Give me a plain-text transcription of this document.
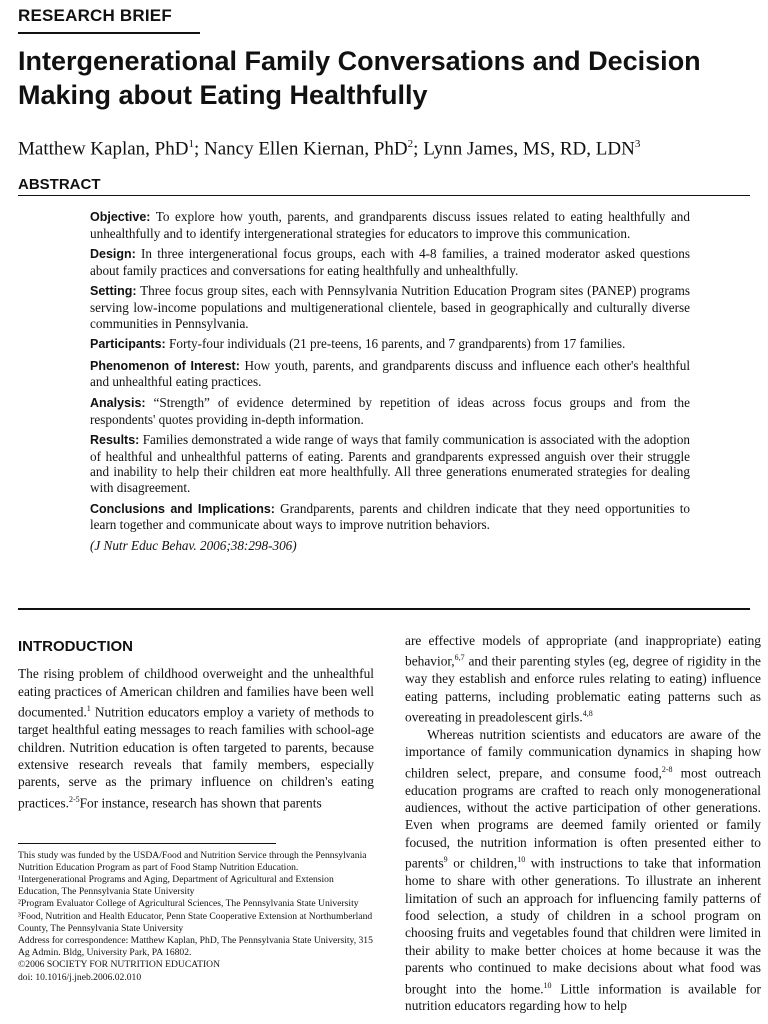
RESEARCH BRIEF
Intergenerational Family Conversations and Decision Making about Eating Healthfully
Matthew Kaplan, PhD$^1$; Nancy Ellen Kiernan, PhD$^2$; Lynn James, MS, RD, LDN$^3$
ABSTRACT

Objective: To explore how youth, parents, and grandparents discuss issues related to eating healthfully and unhealthfully and to identify intergenerational strategies for educators to improve this communication.

Design: In three intergenerational focus groups, each with 4-8 families, a trained moderator asked questions about family practices and conversations for eating healthfully and unhealthfully.

Setting: Three focus group sites, each with Pennsylvania Nutrition Education Program sites (PANEP) programs serving low-income populations and multigenerational clientele, based in geographically and culturally diverse communities in Pennsylvania.

Participants: Forty-four individuals (21 pre-teens, 16 parents, and 7 grandparents) from 17 families.

Phenomenon of Interest: How youth, parents, and grandparents discuss and influence each other's healthful and unhealthful eating practices.

Analysis: “Strength” of evidence determined by repetition of ideas across focus groups and from the respondents' quotes providing in-depth information.

Results: Families demonstrated a wide range of ways that family communication is associated with the adoption of healthful and unhealthful patterns of eating. Parents and grandparents expressed anguish over their struggle and inability to help their children eat more healthfully. All three generations enumerated strategies for dealing with disagreement.

Conclusions and Implications: Grandparents, parents and children indicate that they need opportunities to learn together and communicate about ways to improve nutrition behaviors.

(J Nutr Educ Behav. 2006;38:298-306)

INTRODUCTION

The rising problem of childhood overweight and the unhealthful eating practices of American children and families have been well documented.$^1$ Nutrition educators employ a variety of methods to target healthful eating messages to reach families with school-age children. Nutrition education is often targeted to parents, because extensive research reveals that family members, especially parents, serve as the primary influence on children's eating practices.$^{2-5}$For instance, research has shown that parents

are effective models of appropriate (and inappropriate) eating behavior,$^{6,7}$ and their parenting styles (eg, degree of rigidity in the way they establish and enforce rules relating to eating) influence eating patterns, including problematic eating patterns such as overeating in preadolescent girls.$^{4,8}$

Whereas nutrition scientists and educators are aware of the importance of family communication dynamics in shaping how children select, prepare, and consume food,$^{2-8}$ most outreach education programs are crafted to reach only monogenerational audiences, without the active participation of other generations. Even when programs are deemed family oriented or family focused, the nutrition information is often presented either to parents$^9$ or children,$^{10}$ with instructions to take that information home to share with other generations. To illustrate an inherent limitation of such an approach for influencing family patterns of food selection, a study of children in a school program on choosing fruits and vegetables found that children were limited in their ability to make better choices at home because it was the parents who continued to make decisions about what food was brought into the home.$^{10}$ Little information is available for nutrition educators regarding how to help

This study was funded by the USDA/Food and Nutrition Service through the Pennsylvania Nutrition Education Program as part of Food Stamp Nutrition Education.

¹Intergenerational Programs and Aging, Department of Agricultural and Extension Education, The Pennsylvania State University

²Program Evaluator College of Agricultural Sciences, The Pennsylvania State University

³Food, Nutrition and Health Educator, Penn State Cooperative Extension at Northumberland County, The Pennsylvania State University

Address for correspondence: Matthew Kaplan, PhD, The Pennsylvania State University, 315 Ag Admin. Bldg, University Park, PA 16802.

©2006 SOCIETY FOR NUTRITION EDUCATION

doi: 10.1016/j.jneb.2006.02.010
